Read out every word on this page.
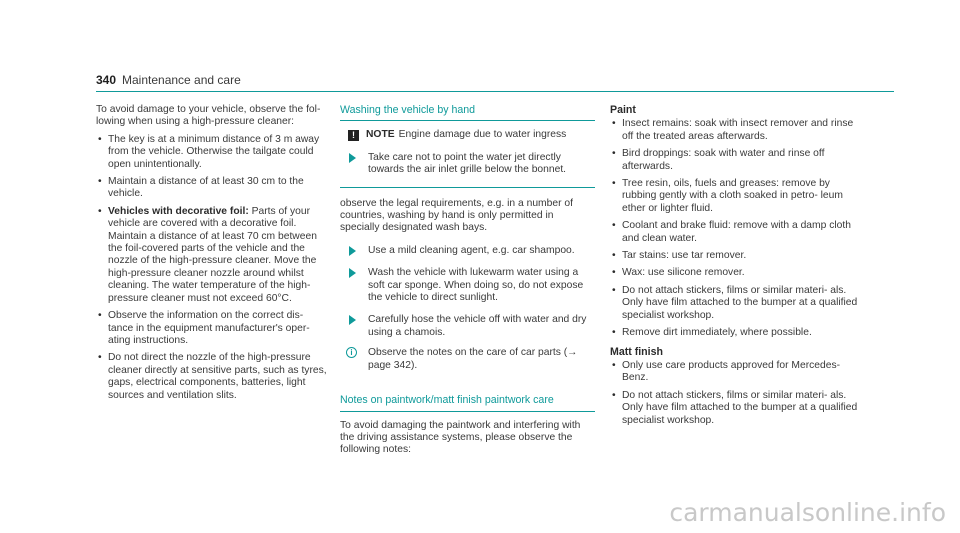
340 Maintenance and care

To avoid damage to your vehicle, observe the fol- lowing when using a high-pressure cleaner:

• The key is at a minimum distance of 3 m away from the vehicle. Otherwise the tailgate could open unintentionally.
• Maintain a distance of at least 30 cm to the vehicle.
• Vehicles with decorative foil: Parts of your vehicle are covered with a decorative foil. Maintain a distance of at least 70 cm between the foil-covered parts of the vehicle and the nozzle of the high-pressure cleaner. Move the high-pressure cleaner nozzle around whilst cleaning. The water temperature of the high- pressure cleaner must not exceed 60°C.
• Observe the information on the correct dis- tance in the equipment manufacturer's oper- ating instructions.
• Do not direct the nozzle of the high-pressure cleaner directly at sensitive parts, such as tyres, gaps, electrical components, batteries, light sources and ventilation slits.
Washing the vehicle by hand
!	NOTE Engine damage due to water ingress
Take care not to point the water jet directly towards the air inlet grille below the bonnet.

observe the legal requirements, e.g. in a number of countries, washing by hand is only permitted in specially designated wash bays.

Use a mild cleaning agent, e.g. car shampoo.
Wash the vehicle with lukewarm water using a soft car sponge. When doing so, do not expose the vehicle to direct sunlight.
Carefully hose the vehicle off with water and dry using a chamois.
i	Observe the notes on the care of car parts (→ page 342).
Notes on paintwork/matt finish paintwork care

To avoid damaging the paintwork and interfering with the driving assistance systems, please observe the following notes:

Paint
• Insect remains: soak with insect remover and rinse off the treated areas afterwards.
• Bird droppings: soak with water and rinse off afterwards.
• Tree resin, oils, fuels and greases: remove by rubbing gently with a cloth soaked in petro- leum ether or lighter fluid.
• Coolant and brake fluid: remove with a damp cloth and clean water.
• Tar stains: use tar remover.
• Wax: use silicone remover.
• Do not attach stickers, films or similar materi- als. Only have film attached to the bumper at a qualified specialist workshop.
• Remove dirt immediately, where possible.
Matt finish
• Only use care products approved for Mercedes-Benz.
• Do not attach stickers, films or similar materi- als. Only have film attached to the bumper at a qualified specialist workshop.
carmanualsonline.info
